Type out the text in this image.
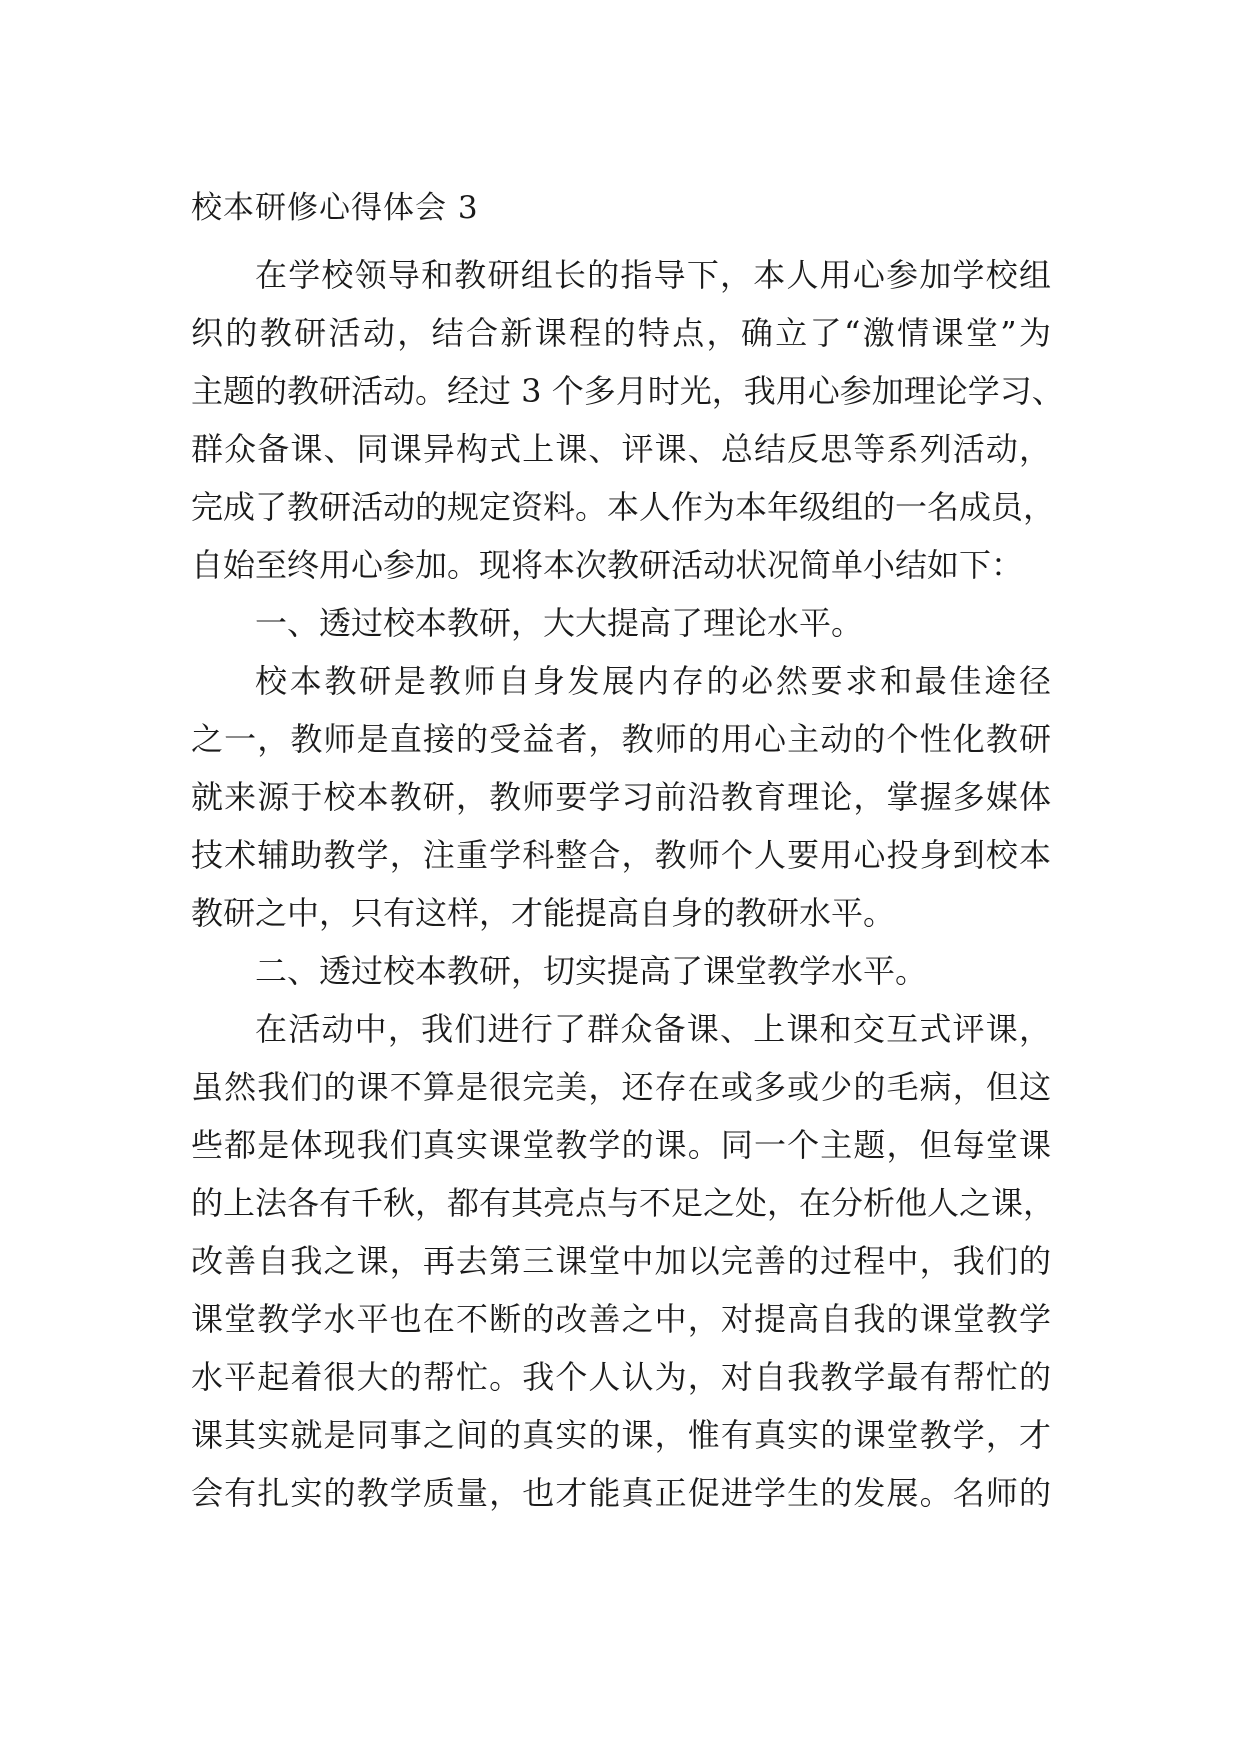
校本研修心得体会 3

在学校领导和教研组长的指导下，本人用心参加学校组
织的教研活动，结合新课程的特点，确立了“激情课堂”为
主题的教研活动。经过 3 个多月时光，我用心参加理论学习、
群众备课、同课异构式上课、评课、总结反思等系列活动，
完成了教研活动的规定资料。本人作为本年级组的一名成员，
自始至终用心参加。现将本次教研活动状况简单小结如下：

一、透过校本教研，大大提高了理论水平。

校本教研是教师自身发展内存的必然要求和最佳途径
之一，教师是直接的受益者，教师的用心主动的个性化教研
就来源于校本教研，教师要学习前沿教育理论，掌握多媒体
技术辅助教学，注重学科整合，教师个人要用心投身到校本
教研之中，只有这样，才能提高自身的教研水平。

二、透过校本教研，切实提高了课堂教学水平。

在活动中，我们进行了群众备课、上课和交互式评课，
虽然我们的课不算是很完美，还存在或多或少的毛病，但这
些都是体现我们真实课堂教学的课。同一个主题，但每堂课
的上法各有千秋，都有其亮点与不足之处，在分析他人之课，
改善自我之课，再去第三课堂中加以完善的过程中，我们的
课堂教学水平也在不断的改善之中，对提高自我的课堂教学
水平起着很大的帮忙。我个人认为，对自我教学最有帮忙的
课其实就是同事之间的真实的课，惟有真实的课堂教学，才
会有扎实的教学质量，也才能真正促进学生的发展。名师的
